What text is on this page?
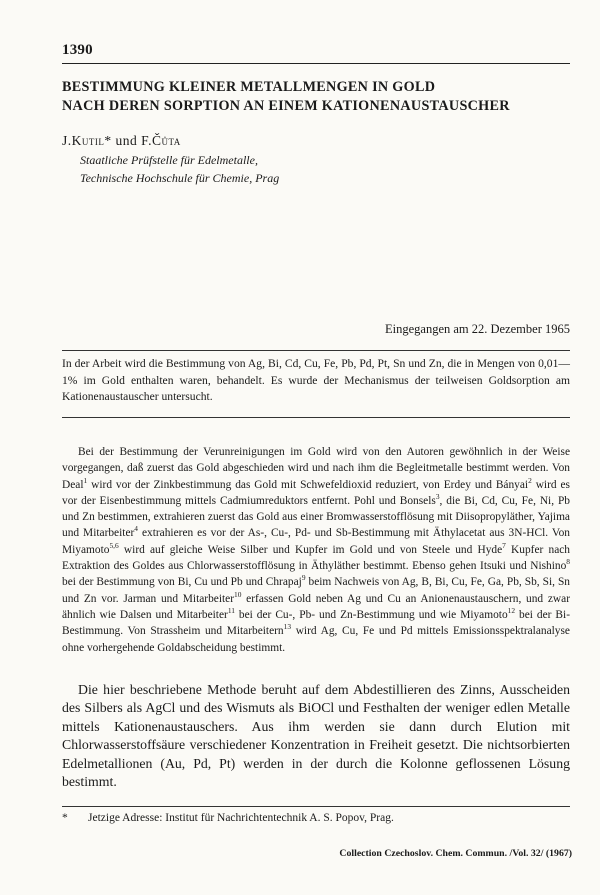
1390
BESTIMMUNG KLEINER METALLMENGEN IN GOLD
NACH DEREN SORPTION AN EINEM KATIONENAUSTAUSCHER
J.Kutil* und F.Čůta
Staatliche Prüfstelle für Edelmetalle,
Technische Hochschule für Chemie, Prag
Eingegangen am 22. Dezember 1965

In der Arbeit wird die Bestimmung von Ag, Bi, Cd, Cu, Fe, Pb, Pd, Pt, Sn und Zn, die in Mengen von 0,01—1% im Gold enthalten waren, behandelt. Es wurde der Mechanismus der teilweisen Goldsorption am Kationenaustauscher untersucht.

Bei der Bestimmung der Verunreinigungen im Gold wird von den Autoren gewöhnlich in der Weise vorgegangen, daß zuerst das Gold abgeschieden wird und nach ihm die Begleitmetalle bestimmt werden. Von Deal$^1$ wird vor der Zinkbestimmung das Gold mit Schwefeldioxid reduziert, von Erdey und Bányai$^2$ wird es vor der Eisenbestimmung mittels Cadmiumreduktors entfernt. Pohl und Bonsels$^3$, die Bi, Cd, Cu, Fe, Ni, Pb und Zn bestimmen, extrahieren zuerst das Gold aus einer Bromwasserstofflösung mit Diisopropyläther, Yajima und Mitarbeiter$^4$ extrahieren es vor der As-, Cu-, Pd- und Sb-Bestimmung mit Äthylacetat aus 3N-HCl. Von Miyamoto$^{5,6}$ wird auf gleiche Weise Silber und Kupfer im Gold und von Steele und Hyde$^7$ Kupfer nach Extraktion des Goldes aus Chlorwasserstofflösung in Äthyläther bestimmt. Ebenso gehen Itsuki und Nishino$^8$ bei der Bestimmung von Bi, Cu und Pb und Chrapaj$^9$ beim Nachweis von Ag, B, Bi, Cu, Fe, Ga, Pb, Sb, Si, Sn und Zn vor. Jarman und Mitarbeiter$^{10}$ erfassen Gold neben Ag und Cu an Anionenaustauschern, und zwar ähnlich wie Dalsen und Mitarbeiter$^{11}$ bei der Cu-, Pb- und Zn-Bestimmung und wie Miyamoto$^{12}$ bei der Bi-Bestimmung. Von Strassheim und Mitarbeitern$^{13}$ wird Ag, Cu, Fe und Pd mittels Emissionsspektralanalyse ohne vorhergehende Goldabscheidung bestimmt.

Die hier beschriebene Methode beruht auf dem Abdestillieren des Zinns, Ausscheiden des Silbers als AgCl und des Wismuts als BiOCl und Festhalten der weniger edlen Metalle mittels Kationenaustauschers. Aus ihm werden sie dann durch Elution mit Chlorwasserstoffsäure verschiedener Konzentration in Freiheit gesetzt. Die nichtsorbierten Edelmetallionen (Au, Pd, Pt) werden in der durch die Kolonne geflossenen Lösung bestimmt.

* Jetzige Adresse: Institut für Nachrichtentechnik A. S. Popov, Prag.
Collection Czechoslov. Chem. Commun. /Vol. 32/ (1967)
